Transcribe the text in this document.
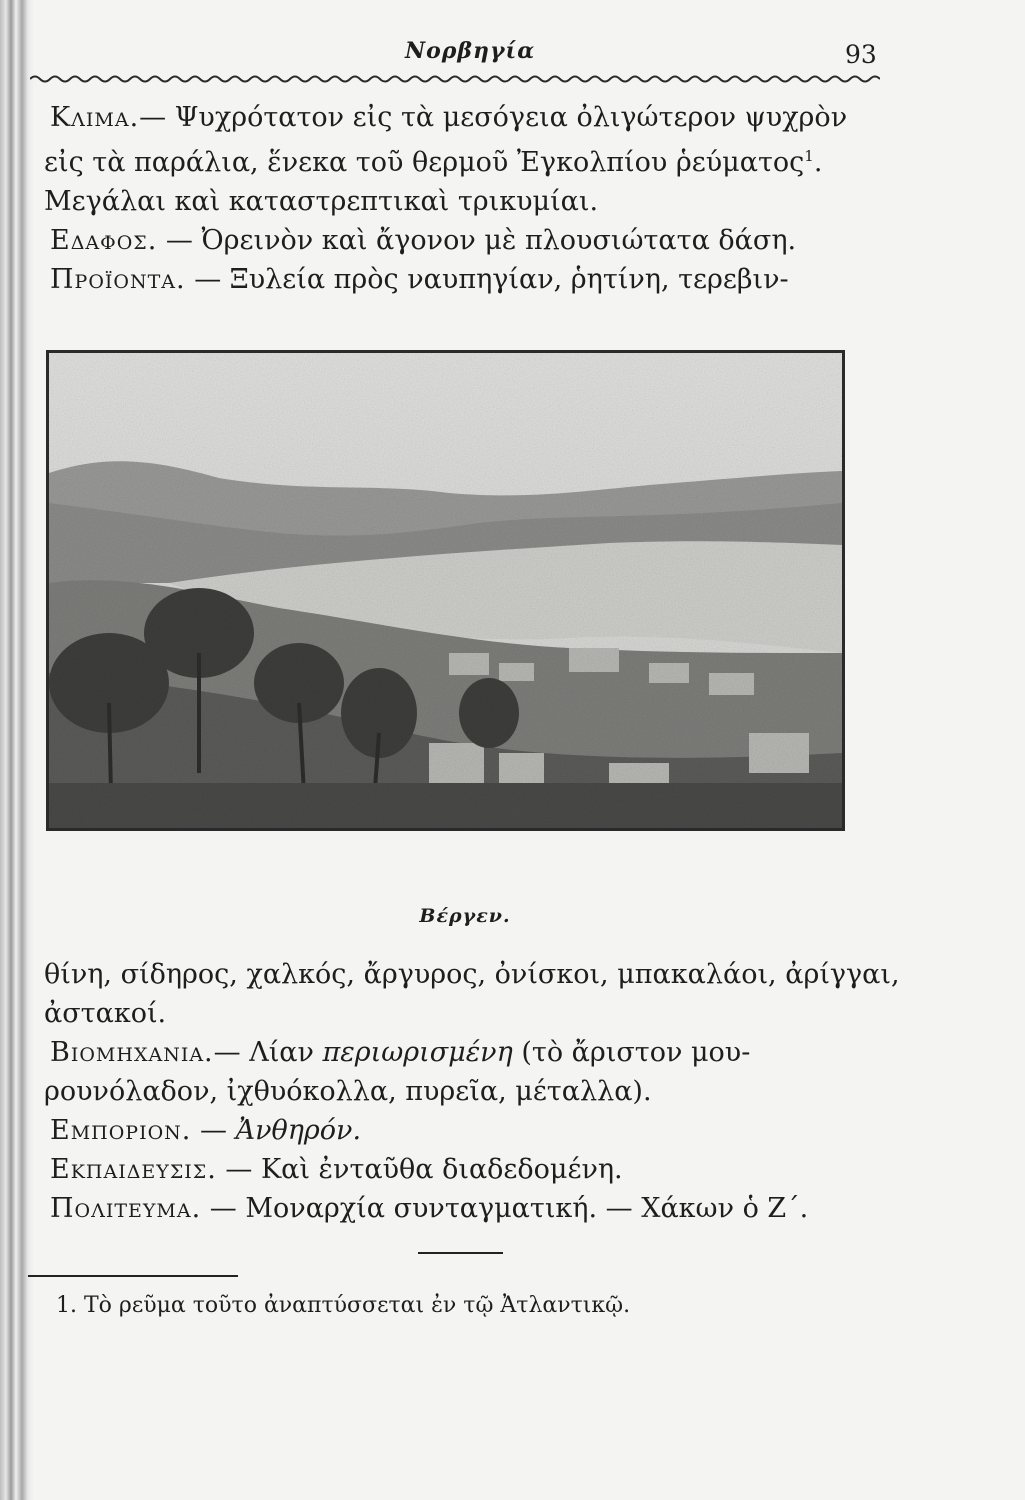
Νορβηγία	93
Κλιμα.— Ψυχρότατον εἰς τὰ μεσόγεια ὀλιγώτερον ψυχρὸν
εἰς τὰ παράλια, ἕνεκα τοῦ θερμοῦ Ἐγκολπίου ῥεύματος$^1$.
Μεγάλαι καὶ καταστρεπτικαὶ τρικυμίαι.
Εδαφος. — Ὀρεινὸν καὶ ἄγονον μὲ πλουσιώτατα δάση.
Προϊοντα. — Ξυλεία πρὸς ναυπηγίαν, ῥητίνη, τερεβιν-
Βέργεν.
θίνη, σίδηρος, χαλκός, ἄργυρος, ὀνίσκοι, μπακαλάοι, ἀρίγγαι,
ἀστακοί.
Βιομηχανια.— Λίαν περιωρισμένη (τὸ ἄριστον μου-
ρουνόλαδον, ἰχθυόκολλα, πυρεῖα, μέταλλα).
Εμποριον. — Ἀνθηρόν.
Εκπαιδευσις. — Καὶ ἐνταῦθα διαδεδομένη.
Πολιτευμα. — Μοναρχία συνταγματική. — Χάκων ὁ Ζ΄.
1. Τὸ ρεῦμα τοῦτο ἀναπτύσσεται ἐν τῷ Ἀτλαντικῷ.
